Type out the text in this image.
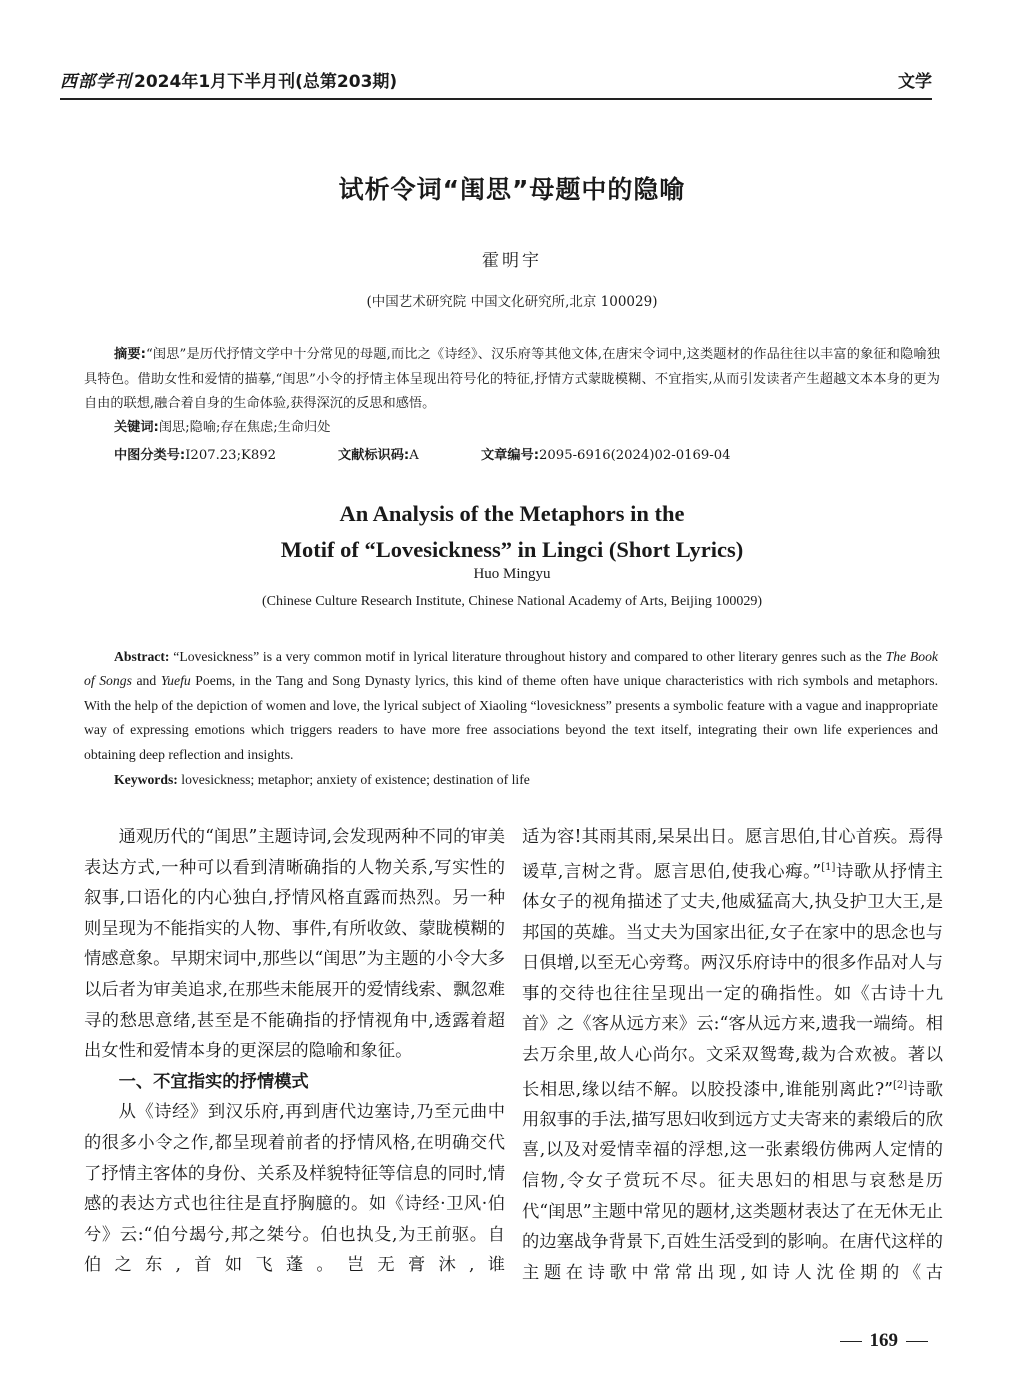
西部学刊 2024年1月下半月刊(总第203期)	文学
试析令词“闺思”母题中的隐喻
霍明宇
(中国艺术研究院 中国文化研究所,北京 100029)

摘要:“闺思”是历代抒情文学中十分常见的母题,而比之《诗经》、汉乐府等其他文体,在唐宋令词中,这类题材的作品往往以丰富的象征和隐喻独具特色。借助女性和爱情的描摹,“闺思”小令的抒情主体呈现出符号化的特征,抒情方式蒙眬模糊、不宜指实,从而引发读者产生超越文本本身的更为自由的联想,融合着自身的生命体验,获得深沉的反思和感悟。

关键词:闺思;隐喻;存在焦虑;生命归处
中图分类号:I207.23;K892	文献标识码:A	文章编号:2095-6916(2024)02-0169-04
An Analysis of the Metaphors in the
Motif of “Lovesickness” in Lingci (Short Lyrics)
Huo Mingyu
(Chinese Culture Research Institute, Chinese National Academy of Arts, Beijing 100029)

Abstract: “Lovesickness” is a very common motif in lyrical literature throughout history and compared to other literary genres such as the The Book of Songs and Yuefu Poems, in the Tang and Song Dynasty lyrics, this kind of theme often have unique characteristics with rich symbols and metaphors. With the help of the depiction of women and love, the lyrical subject of Xiaoling “lovesickness” presents a symbolic feature with a vague and inappropriate way of expressing emotions which triggers readers to have more free associations beyond the text itself, integrating their own life experiences and obtaining deep reflection and insights.

Keywords: lovesickness; metaphor; anxiety of existence; destination of life

通观历代的“闺思”主题诗词,会发现两种不同的审美表达方式,一种可以看到清晰确指的人物关系,写实性的叙事,口语化的内心独白,抒情风格直露而热烈。另一种则呈现为不能指实的人物、事件,有所收敛、蒙眬模糊的情感意象。早期宋词中,那些以“闺思”为主题的小令大多以后者为审美追求,在那些未能展开的爱情线索、飘忽难寻的愁思意绪,甚至是不能确指的抒情视角中,透露着超出女性和爱情本身的更深层的隐喻和象征。

一、不宜指实的抒情模式

从《诗经》到汉乐府,再到唐代边塞诗,乃至元曲中的很多小令之作,都呈现着前者的抒情风格,在明确交代了抒情主客体的身份、关系及样貌特征等信息的同时,情感的表达方式也往往是直抒胸臆的。如《诗经·卫风·伯兮》云:“伯兮朅兮,邦之桀兮。伯也执殳,为王前驱。自伯之东,首如飞蓬。岂无膏沐,谁

适为容!其雨其雨,杲杲出日。愿言思伯,甘心首疾。焉得谖草,言树之背。愿言思伯,使我心痗。”[1]诗歌从抒情主体女子的视角描述了丈夫,他威猛高大,执殳护卫大王,是邦国的英雄。当丈夫为国家出征,女子在家中的思念也与日俱增,以至无心旁骛。两汉乐府诗中的很多作品对人与事的交待也往往呈现出一定的确指性。如《古诗十九首》之《客从远方来》云:“客从远方来,遗我一端绮。相去万余里,故人心尚尔。文采双鸳鸯,裁为合欢被。著以长相思,缘以结不解。以胶投漆中,谁能别离此?”[2]诗歌用叙事的手法,描写思妇收到远方丈夫寄来的素缎后的欣喜,以及对爱情幸福的浮想,这一张素缎仿佛两人定情的信物,令女子赏玩不尽。征夫思妇的相思与哀愁是历代“闺思”主题中常见的题材,这类题材表达了在无休无止的边塞战争背景下,百姓生活受到的影响。在唐代这样的主题在诗歌中常常出现,如诗人沈佺期的《古

169
